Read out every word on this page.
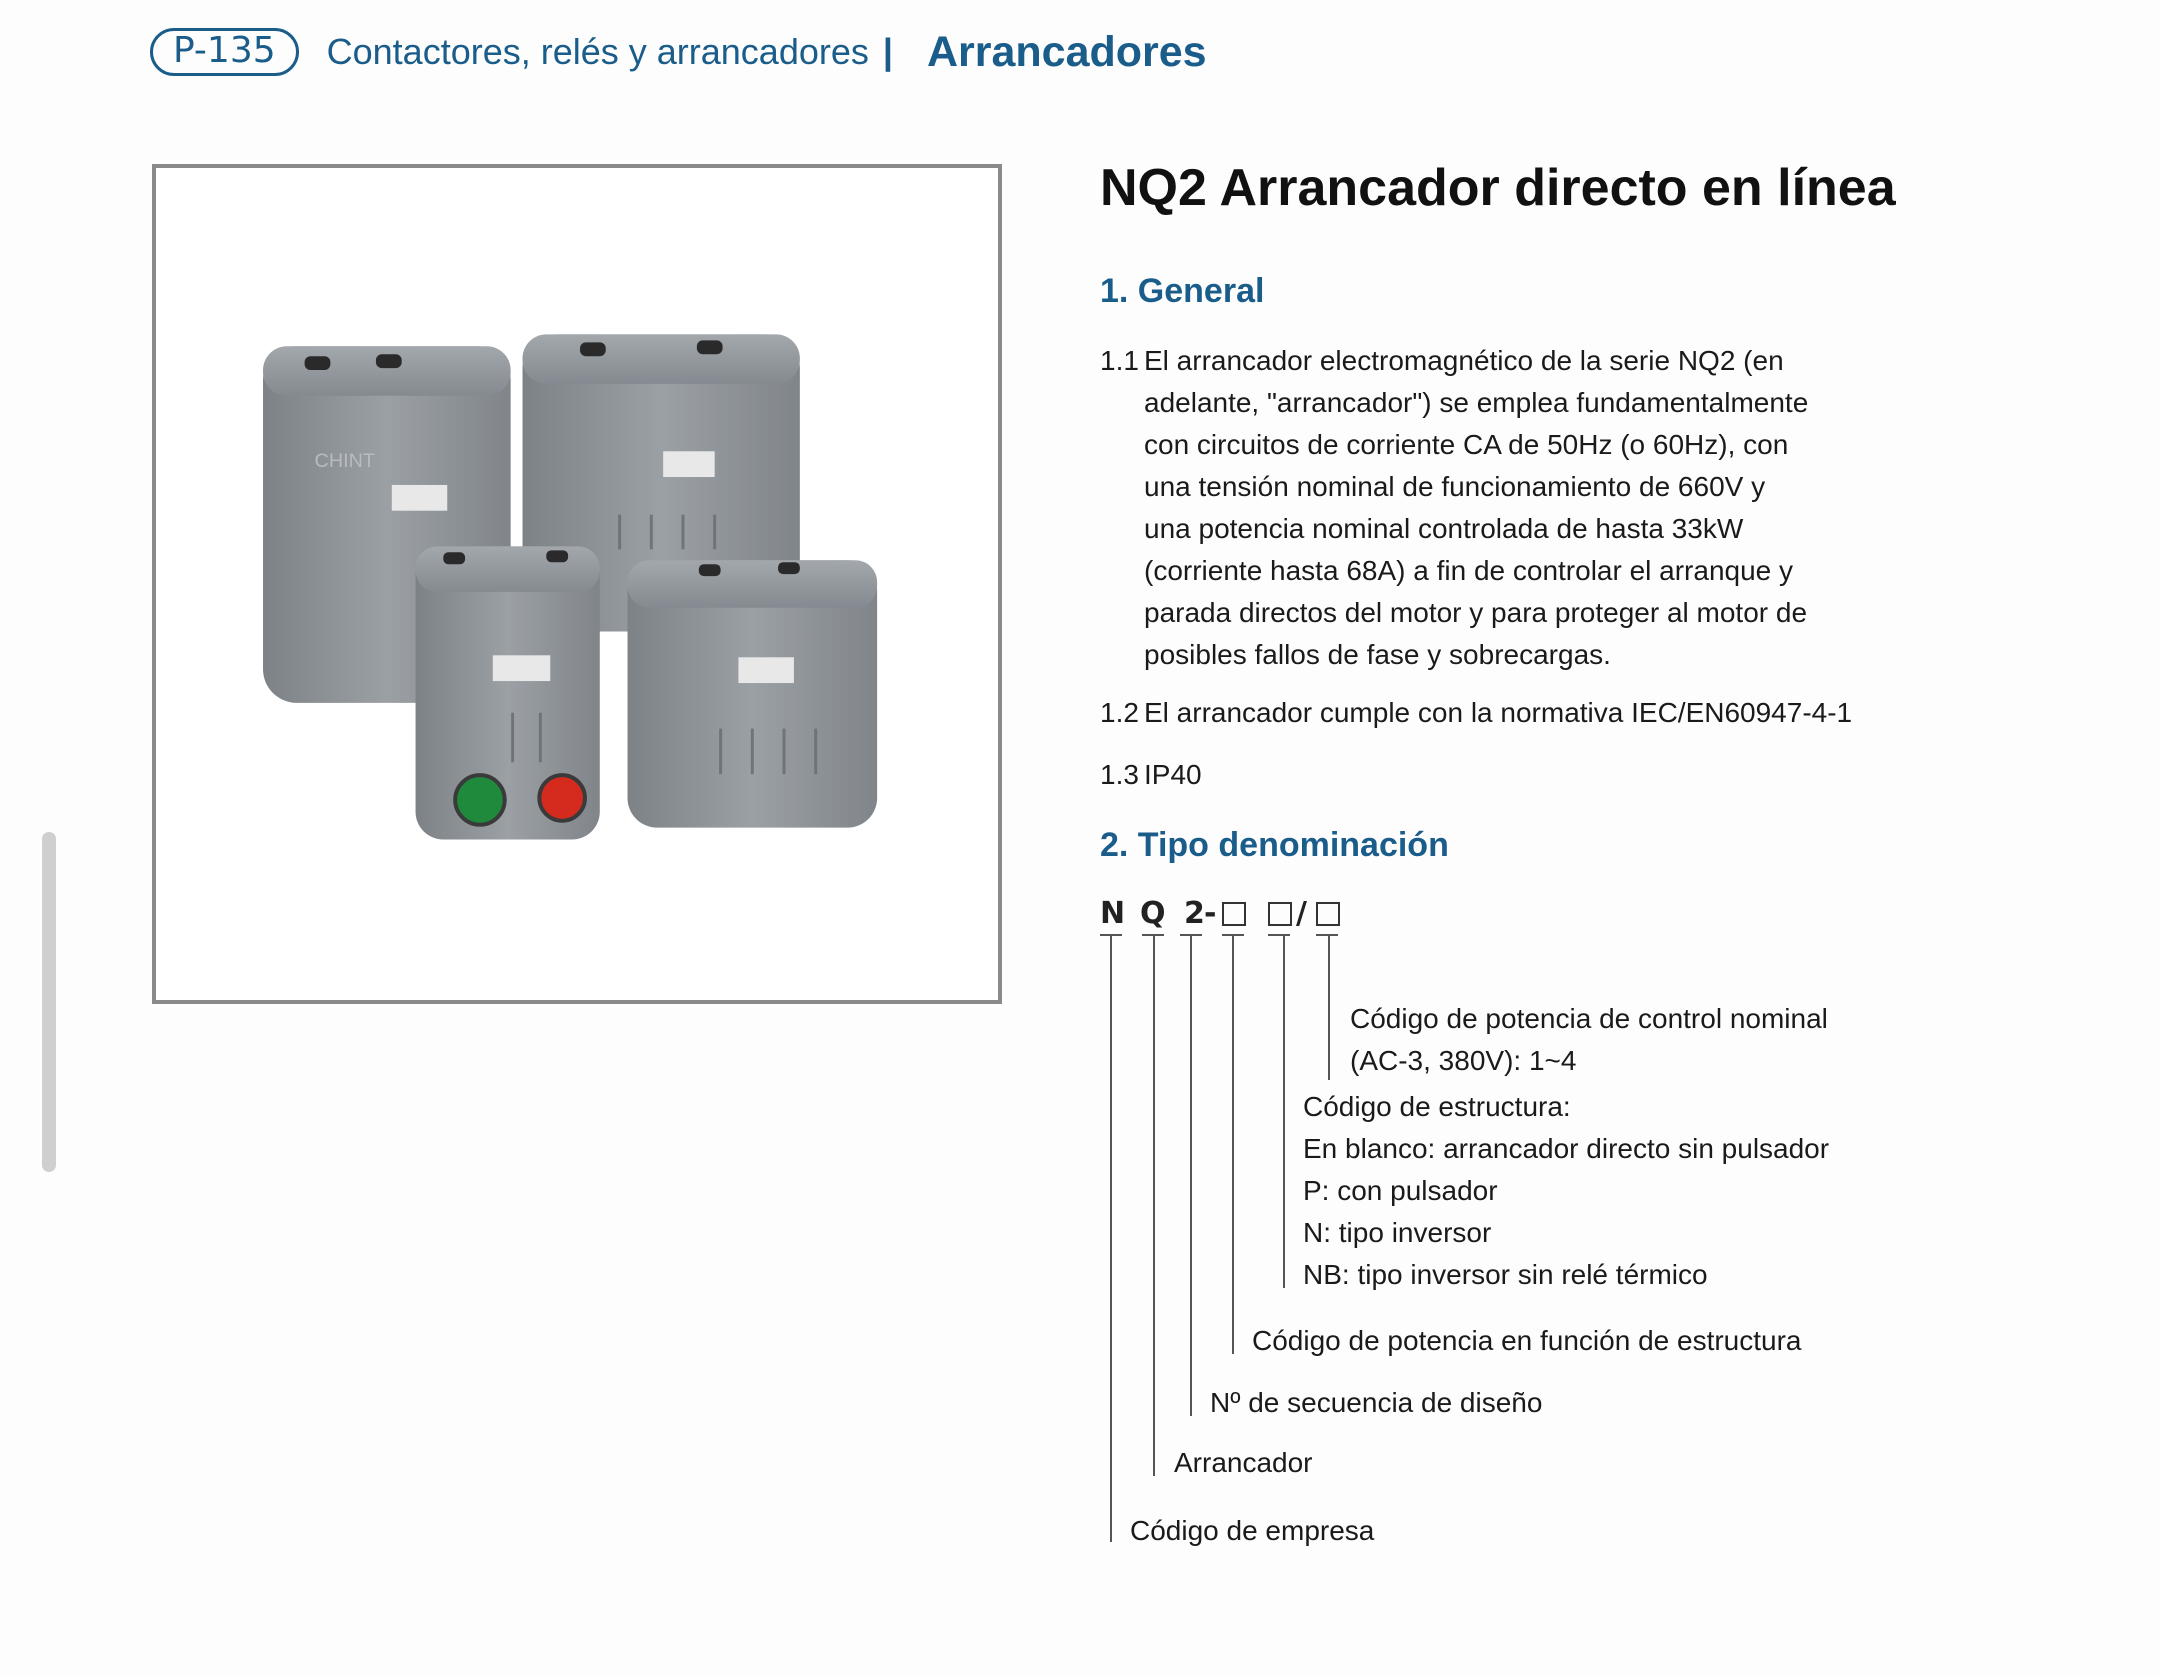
P-135	Contactores, relés y arrancadores | Arrancadores
CHINT
NQ2 Arrancador directo en línea
1. General
1.1 El arrancador electromagnético de la serie NQ2 (en
adelante, "arrancador") se emplea fundamentalmente
con circuitos de corriente CA de 50Hz (o 60Hz), con
una tensión nominal de funcionamiento de 660V y
una potencia nominal controlada de hasta 33kW
(corriente hasta 68A) a fin de controlar el arranque y
parada directos del motor y para proteger al motor de
posibles fallos de fase y sobrecargas.
1.2 El arrancador cumple con la normativa IEC/EN60947-4-1
1.3 IP40
2. Tipo denominación
N Q 2 -	/
Código de potencia de control nominal
(AC-3, 380V): 1~4
Código de estructura:
En blanco: arrancador directo sin pulsador
P: con pulsador
N: tipo inversor
NB: tipo inversor sin relé térmico
Código de potencia en función de estructura
Nº de secuencia de diseño
Arrancador
Código de empresa
